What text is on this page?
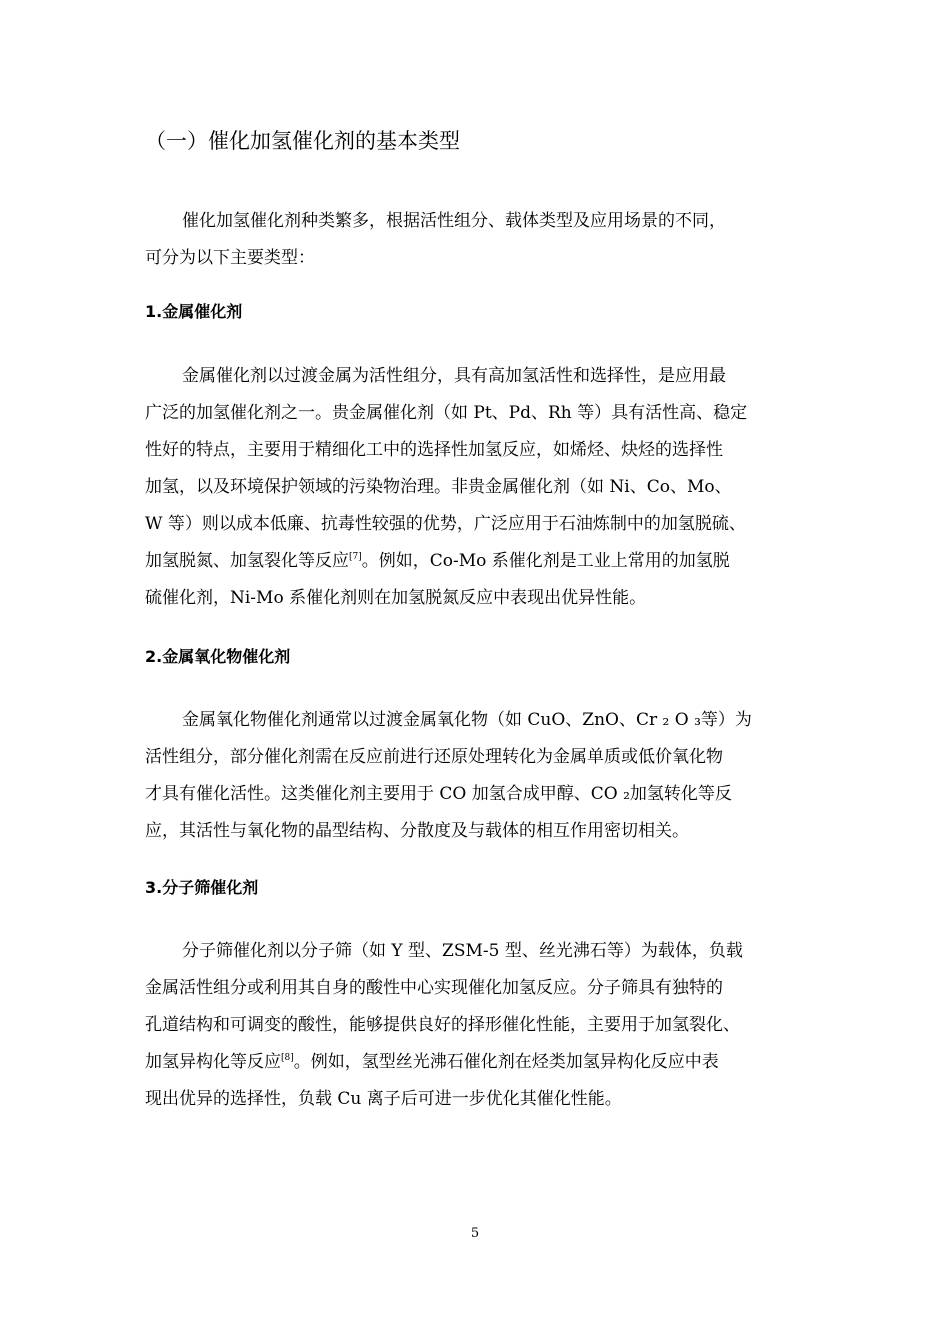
（一）催化加氢催化剂的基本类型
催化加氢催化剂种类繁多，根据活性组分、载体类型及应用场景的不同，
可分为以下主要类型：
1.金属催化剂
金属催化剂以过渡金属为活性组分，具有高加氢活性和选择性，是应用最
广泛的加氢催化剂之一。贵金属催化剂（如 Pt、Pd、Rh 等）具有活性高、稳定
性好的特点，主要用于精细化工中的选择性加氢反应，如烯烃、炔烃的选择性
加氢，以及环境保护领域的污染物治理。非贵金属催化剂（如 Ni、Co、Mo、
W 等）则以成本低廉、抗毒性较强的优势，广泛应用于石油炼制中的加氢脱硫、
加氢脱氮、加氢裂化等反应[7]。例如，Co-Mo 系催化剂是工业上常用的加氢脱
硫催化剂，Ni-Mo 系催化剂则在加氢脱氮反应中表现出优异性能。
2.金属氧化物催化剂
金属氧化物催化剂通常以过渡金属氧化物（如 CuO、ZnO、Cr ₂ O ₃等）为
活性组分，部分催化剂需在反应前进行还原处理转化为金属单质或低价氧化物
才具有催化活性。这类催化剂主要用于 CO 加氢合成甲醇、CO ₂加氢转化等反
应，其活性与氧化物的晶型结构、分散度及与载体的相互作用密切相关。
3.分子筛催化剂
分子筛催化剂以分子筛（如 Y 型、ZSM-5 型、丝光沸石等）为载体，负载
金属活性组分或利用其自身的酸性中心实现催化加氢反应。分子筛具有独特的
孔道结构和可调变的酸性，能够提供良好的择形催化性能，主要用于加氢裂化、
加氢异构化等反应[8]。例如，氢型丝光沸石催化剂在烃类加氢异构化反应中表
现出优异的选择性，负载 Cu 离子后可进一步优化其催化性能。
5
